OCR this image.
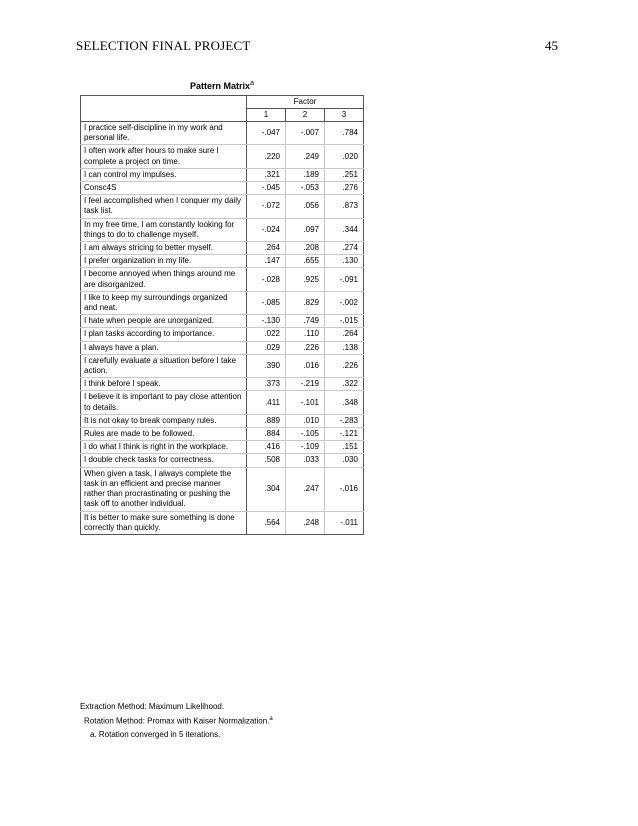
SELECTION FINAL PROJECT	45
Pattern Matrix$^a$
	Factor		
	1	2	3
I practice self-discipline in my work and personal life.	-.047	-.007	.784
I often work after hours to make sure I complete a project on time.	.220	.249	.020
I can control my impulses.	.321	.189	.251
Consc4S	-.045	-.053	.276
I feel accomplished when I conquer my daily task list.	-.072	.056	.873
In my free time, I am constantly looking for things to do to challenge myself.	-.024	.097	.344
I am always stricing to better myself.	.264	.208	.274
I prefer organization in my life.	.147	.655	.130
I become annoyed when things around me are disorganized.	-.028	.925	-.091
I like to keep my surroundings organized and neat.	-.085	.829	-.002
I hate when people are unorganized.	-.130	.749	-.015
I plan tasks according to importance.	.022	.110	.264
I always have a plan.	.029	.226	.138
I carefully evaluate a situation before I take action.	.390	.016	.226
I think before I speak.	.373	-.219	.322
I believe it is important to pay close attention to details.	.411	-.101	.348
It is not okay to break company rules.	.889	.010	-.283
Rules are made to be followed.	.884	-.105	-.121
I do what I think is right in the workplace.	.416	-.109	.151
I double check tasks for correctness.	.508	.033	.030
When given a task, I always complete the task in an efficient and precise manner rather than procrastinating or pushing the task off to another individual.	.304	.247	-.016
It is better to make sure something is done correctly than quickly.	.564	.248	-.011
Extraction Method: Maximum Likelihood.
Rotation Method: Promax with Kaiser Normalization.$^a$
a. Rotation converged in 5 iterations.
